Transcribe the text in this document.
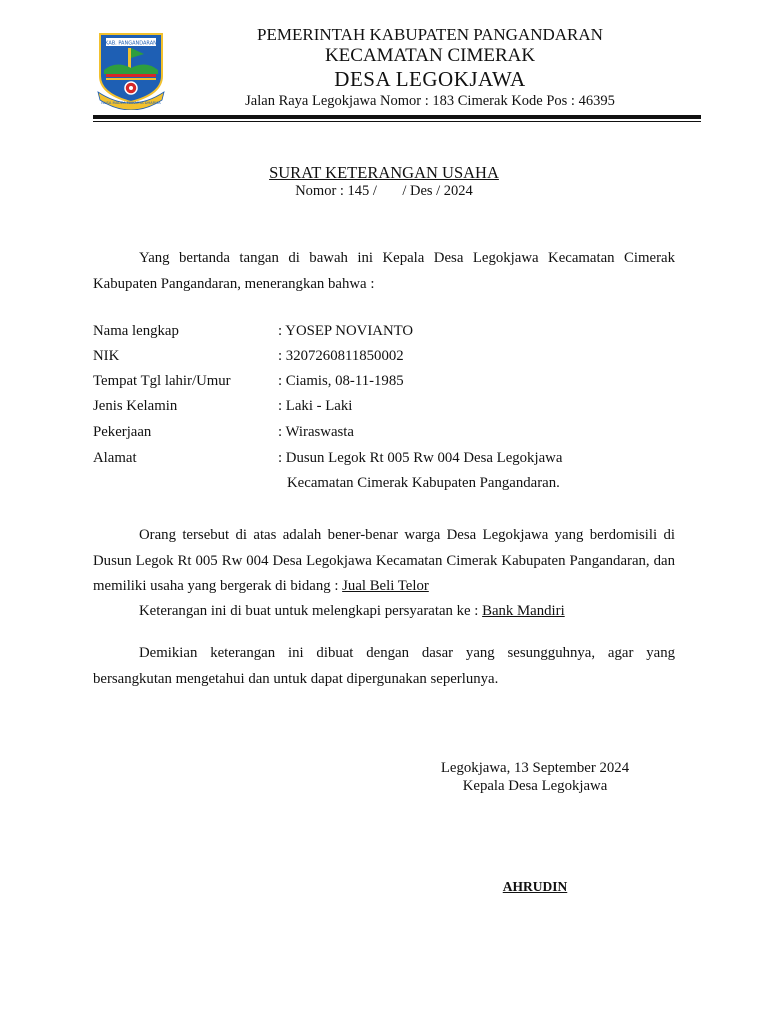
KAB. PANGANDARAN
NUSA MADEA MAKARYA DHARMA
PEMERINTAH KABUPATEN PANGANDARAN
KECAMATAN CIMERAK
DESA LEGOKJAWA
Jalan Raya Legokjawa Nomor : 183 Cimerak Kode Pos : 46395
SURAT KETERANGAN USAHA
Nomor : 145 /       / Des / 2024
Yang bertanda tangan di bawah ini Kepala Desa Legokjawa Kecamatan Cimerak Kabupaten Pangandaran, menerangkan bahwa :
Nama lengkap	: YOSEP NOVIANTO
NIK	: 3207260811850002
Tempat Tgl lahir/Umur	: Ciamis, 08-11-1985
Jenis Kelamin	: Laki - Laki
Pekerjaan	: Wiraswasta
Alamat	: Dusun Legok Rt 005 Rw 004 Desa Legokjawa
Kecamatan Cimerak Kabupaten Pangandaran.
Orang tersebut di atas adalah bener-benar warga Desa Legokjawa yang berdomisili di Dusun Legok Rt 005 Rw 004 Desa Legokjawa Kecamatan Cimerak Kabupaten Pangandaran, dan memiliki usaha yang bergerak di bidang : Jual Beli Telor
Keterangan ini di buat untuk melengkapi persyaratan ke : Bank Mandiri
Demikian keterangan ini dibuat dengan dasar yang sesungguhnya, agar yang bersangkutan mengetahui dan untuk dapat dipergunakan seperlunya.
Legokjawa, 13 September 2024
Kepala Desa Legokjawa
AHRUDIN
